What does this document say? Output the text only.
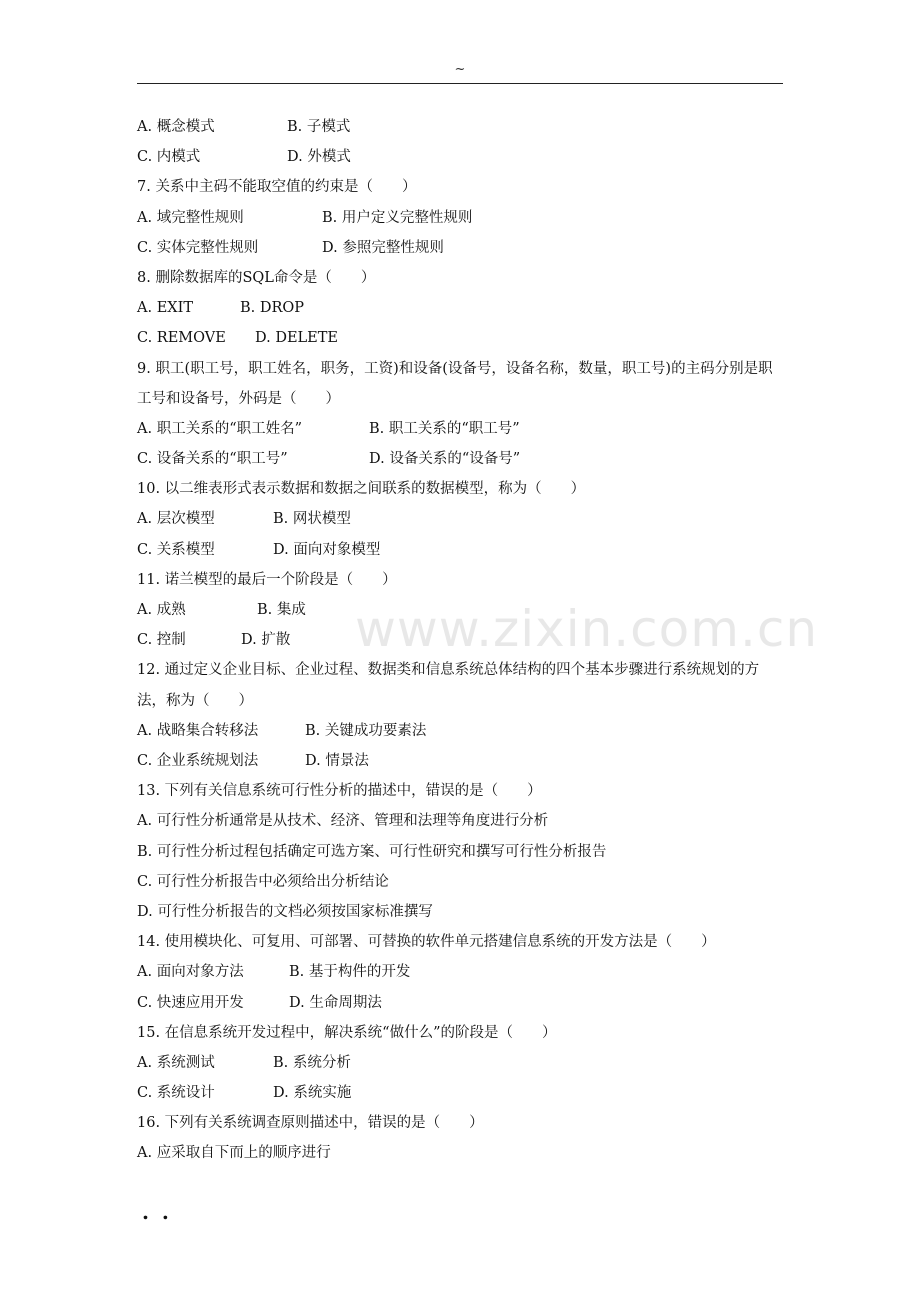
~
www.zixin.com.cn
A. 概念模式	B. 子模式
C. 内模式	D. 外模式
7. 关系中主码不能取空值的约束是（　　）
A. 域完整性规则	B. 用户定义完整性规则
C. 实体完整性规则	D. 参照完整性规则
8. 删除数据库的SQL命令是（　　）
A. EXIT	B. DROP
C. REMOVE	D. DELETE
9. 职工(职工号，职工姓名，职务，工资)和设备(设备号，设备名称，数量，职工号)的主码分别是职工号和设备号，外码是（　　）
A. 职工关系的“职工姓名”	B. 职工关系的“职工号”
C. 设备关系的“职工号”	D. 设备关系的“设备号”
10. 以二维表形式表示数据和数据之间联系的数据模型，称为（　　）
A. 层次模型	B. 网状模型
C. 关系模型	D. 面向对象模型
11. 诺兰模型的最后一个阶段是（　　）
A. 成熟	B. 集成
C. 控制	D. 扩散
12. 通过定义企业目标、企业过程、数据类和信息系统总体结构的四个基本步骤进行系统规划的方法，称为（　　）
A. 战略集合转移法	B. 关键成功要素法
C. 企业系统规划法	D. 情景法
13. 下列有关信息系统可行性分析的描述中，错误的是（　　）
A. 可行性分析通常是从技术、经济、管理和法理等角度进行分析
B. 可行性分析过程包括确定可选方案、可行性研究和撰写可行性分析报告
C. 可行性分析报告中必须给出分析结论
D. 可行性分析报告的文档必须按国家标准撰写
14. 使用模块化、可复用、可部署、可替换的软件单元搭建信息系统的开发方法是（　　）
A. 面向对象方法	B. 基于构件的开发
C. 快速应用开发	D. 生命周期法
15. 在信息系统开发过程中，解决系统“做什么”的阶段是（　　）
A. 系统测试	B. 系统分析
C. 系统设计	D. 系统实施
16. 下列有关系统调查原则描述中，错误的是（　　）
A. 应采取自下而上的顺序进行
. .
